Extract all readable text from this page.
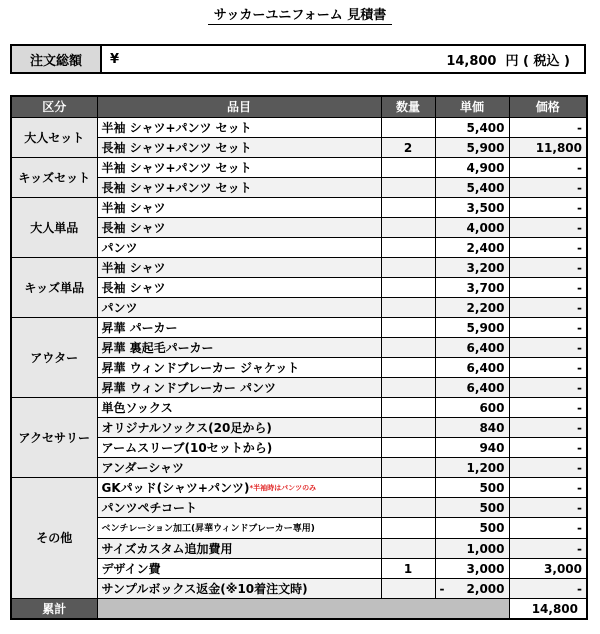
サッカーユニフォーム 見積書
注文総額	¥	14,800  円 ( 税込 )
区分	品目	数量	単価	価格
大人セット	半袖 シャツ+パンツ セット		5,400	-
	長袖 シャツ+パンツ セット	2	5,900	11,800
キッズセット	半袖 シャツ+パンツ セット		4,900	-
	長袖 シャツ+パンツ セット		5,400	-
大人単品	半袖 シャツ		3,500	-
	長袖 シャツ		4,000	-
	パンツ		2,400	-
キッズ単品	半袖 シャツ		3,200	-
	長袖 シャツ		3,700	-
	パンツ		2,200	-
アウター	昇華 パーカー		5,900	-
	昇華 裏起毛パーカー		6,400	-
	昇華 ウィンドブレーカー ジャケット		6,400	-
	昇華 ウィンドブレーカー パンツ		6,400	-
アクセサリー	単色ソックス		600	-
	オリジナルソックス(20足から)		840	-
	アームスリーブ(10セットから)		940	-
	アンダーシャツ		1,200	-
その他	GKパッド(シャツ+パンツ)$^{*半袖時はパンツのみ}$		500	-
	パンツペチコート		500	-
	ベンチレーション加工(昇華ウィンドブレーカー専用)		500	-
	サイズカスタム追加費用		1,000	-
	デザイン費	1	3,000	3,000
	サンプルボックス返金(※10着注文時)		- 2,000	-
累計				14,800
